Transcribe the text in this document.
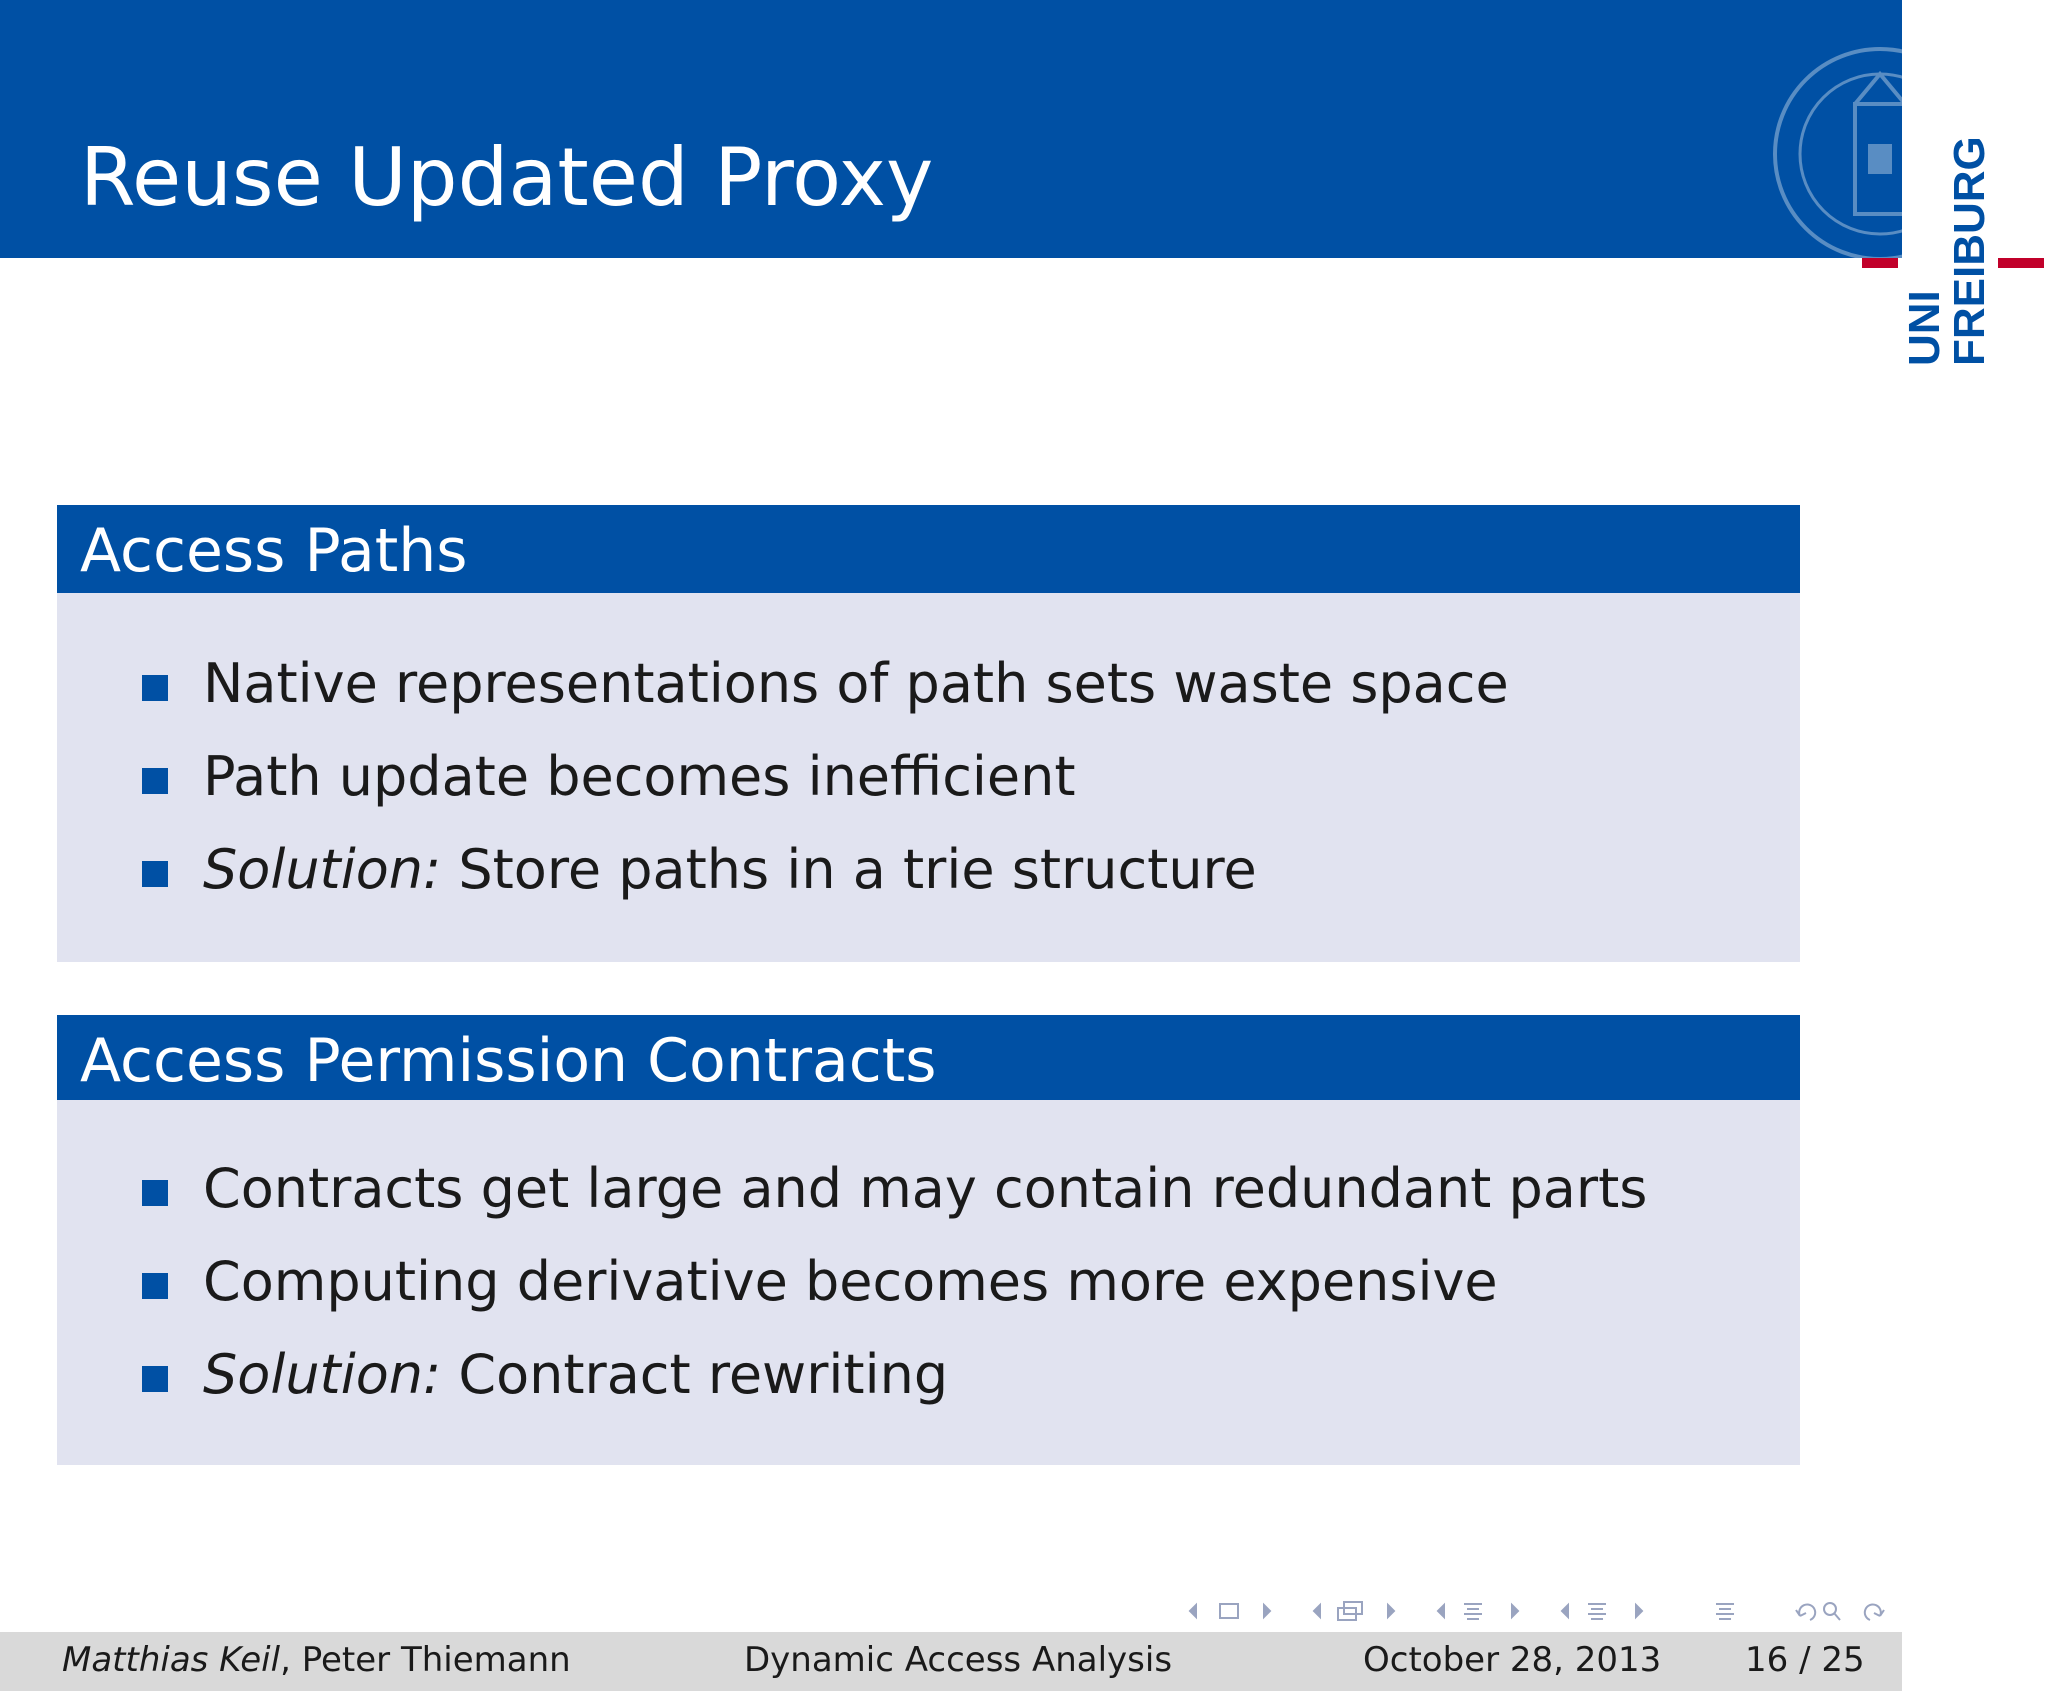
Reuse Updated Proxy
UNI
FREIBURG
Access Paths
Native representations of path sets waste space
Path update becomes inefficient
Solution: Store paths in a trie structure
Access Permission Contracts
Contracts get large and may contain redundant parts
Computing derivative becomes more expensive
Solution: Contract rewriting
Matthias Keil, Peter Thiemann	Dynamic Access Analysis	October 28, 2013 16 / 25
